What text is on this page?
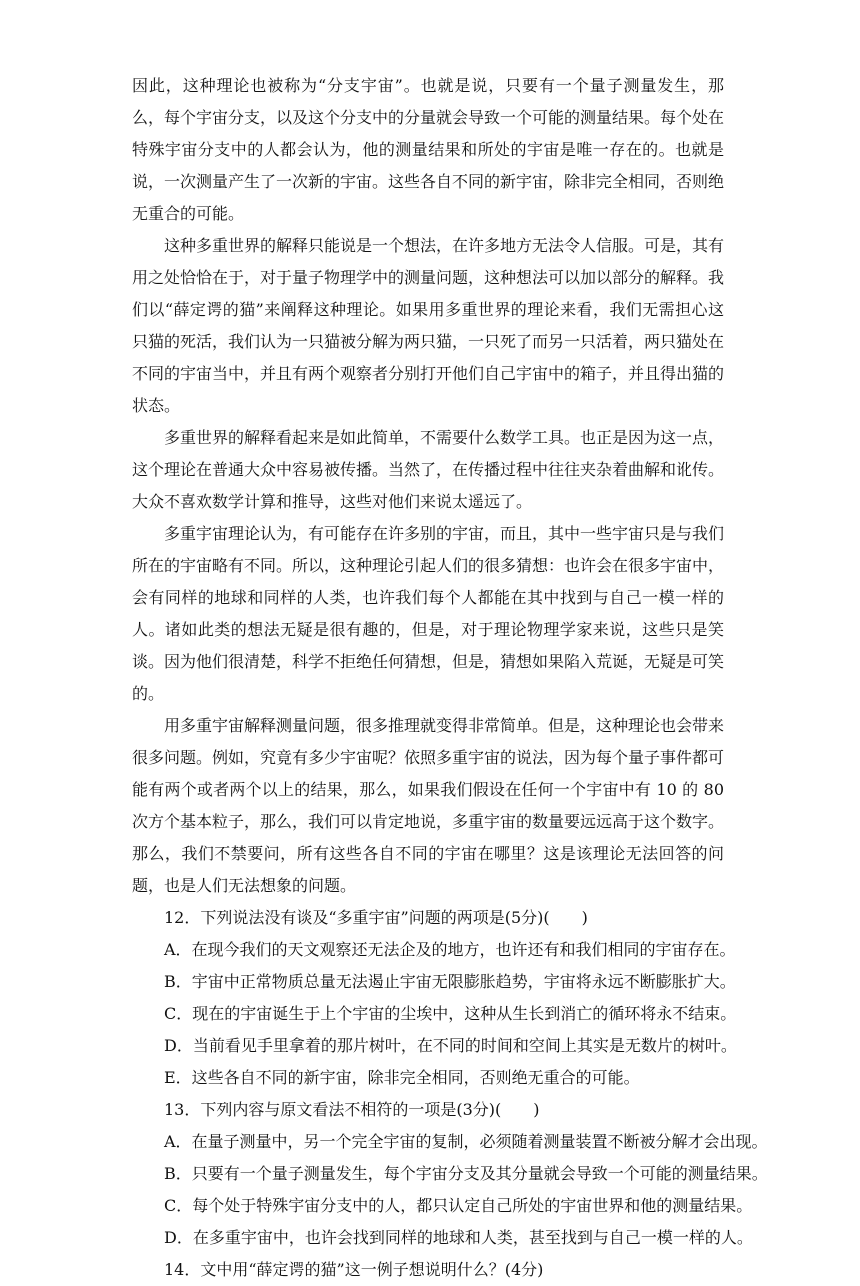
因此，这种理论也被称为“分支宇宙”。也就是说，只要有一个量子测量发生，那么，每个宇宙分支，以及这个分支中的分量就会导致一个可能的测量结果。每个处在特殊宇宙分支中的人都会认为，他的测量结果和所处的宇宙是唯一存在的。也就是说，一次测量产生了一次新的宇宙。这些各自不同的新宇宙，除非完全相同，否则绝无重合的可能。

这种多重世界的解释只能说是一个想法，在许多地方无法令人信服。可是，其有用之处恰恰在于，对于量子物理学中的测量问题，这种想法可以加以部分的解释。我们以“薛定谔的猫”来阐释这种理论。如果用多重世界的理论来看，我们无需担心这只猫的死活，我们认为一只猫被分解为两只猫，一只死了而另一只活着，两只猫处在不同的宇宙当中，并且有两个观察者分别打开他们自己宇宙中的箱子，并且得出猫的状态。

多重世界的解释看起来是如此简单，不需要什么数学工具。也正是因为这一点，这个理论在普通大众中容易被传播。当然了，在传播过程中往往夹杂着曲解和讹传。大众不喜欢数学计算和推导，这些对他们来说太遥远了。

多重宇宙理论认为，有可能存在许多别的宇宙，而且，其中一些宇宙只是与我们所在的宇宙略有不同。所以，这种理论引起人们的很多猜想：也许会在很多宇宙中，会有同样的地球和同样的人类，也许我们每个人都能在其中找到与自己一模一样的人。诸如此类的想法无疑是很有趣的，但是，对于理论物理学家来说，这些只是笑谈。因为他们很清楚，科学不拒绝任何猜想，但是，猜想如果陷入荒诞，无疑是可笑的。

用多重宇宙解释测量问题，很多推理就变得非常简单。但是，这种理论也会带来很多问题。例如，究竟有多少宇宙呢？依照多重宇宙的说法，因为每个量子事件都可能有两个或者两个以上的结果，那么，如果我们假设在任何一个宇宙中有 10 的 80 次方个基本粒子，那么，我们可以肯定地说，多重宇宙的数量要远远高于这个数字。那么，我们不禁要问，所有这些各自不同的宇宙在哪里？这是该理论无法回答的问题，也是人们无法想象的问题。

12．下列说法没有谈及“多重宇宙”问题的两项是(5分)(　　)

A．在现今我们的天文观察还无法企及的地方，也许还有和我们相同的宇宙存在。

B．宇宙中正常物质总量无法遏止宇宙无限膨胀趋势，宇宙将永远不断膨胀扩大。

C．现在的宇宙诞生于上个宇宙的尘埃中，这种从生长到消亡的循环将永不结束。

D．当前看见手里拿着的那片树叶，在不同的时间和空间上其实是无数片的树叶。

E．这些各自不同的新宇宙，除非完全相同，否则绝无重合的可能。

13．下列内容与原文看法不相符的一项是(3分)(　　)

A．在量子测量中，另一个完全宇宙的复制，必须随着测量装置不断被分解才会出现。

B．只要有一个量子测量发生，每个宇宙分支及其分量就会导致一个可能的测量结果。

C．每个处于特殊宇宙分支中的人，都只认定自己所处的宇宙世界和他的测量结果。

D．在多重宇宙中，也许会找到同样的地球和人类，甚至找到与自己一模一样的人。

14．文中用“薛定谔的猫”这一例子想说明什么？(4分)
